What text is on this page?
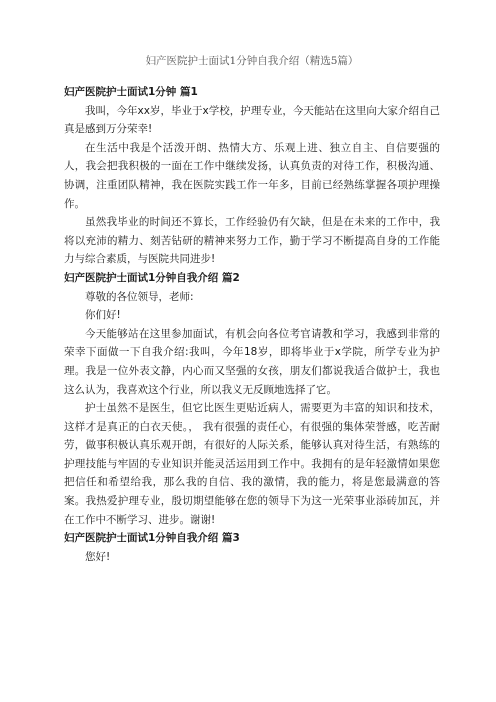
妇产医院护士面试1分钟自我介绍（精选5篇）

妇产医院护士面试1分钟 篇1

我叫，今年xx岁，毕业于x学校，护理专业，今天能站在这里向大家介绍自己真是感到万分荣幸!

在生活中我是个活泼开朗、热情大方、乐观上进、独立自主、自信要强的人，我会把我积极的一面在工作中继续发扬，认真负责的对待工作，积极沟通、协调，注重团队精神，我在医院实践工作一年多，目前已经熟练掌握各项护理操作。

虽然我毕业的时间还不算长，工作经验仍有欠缺，但是在未来的工作中，我将以充沛的精力、刻苦钻研的精神来努力工作，勤于学习不断提高自身的工作能力与综合素质，与医院共同进步!

妇产医院护士面试1分钟自我介绍 篇2

尊敬的各位领导，老师:

你们好!

今天能够站在这里参加面试，有机会向各位考官请教和学习，我感到非常的荣幸下面做一下自我介绍:我叫，今年18岁，即将毕业于x学院，所学专业为护理。我是一位外表文静，内心而又坚强的女孩，朋友们都说我适合做护士，我也这么认为，我喜欢这个行业，所以我义无反顾地选择了它。

护士虽然不是医生，但它比医生更贴近病人，需要更为丰富的知识和技术，这样才是真正的白衣天使。， 我有很强的责任心，有很强的集体荣誉感，吃苦耐劳，做事积极认真乐观开朗，有很好的人际关系，能够认真对待生活，有熟练的护理技能与牢固的专业知识并能灵活运用到工作中。我拥有的是年轻激情如果您把信任和希望给我，那么我的自信、我的激情，我的能力，将是您最满意的答案。我热爱护理专业，殷切期望能够在您的领导下为这一光荣事业添砖加瓦，并在工作中不断学习、进步。谢谢!

妇产医院护士面试1分钟自我介绍 篇3

您好!
